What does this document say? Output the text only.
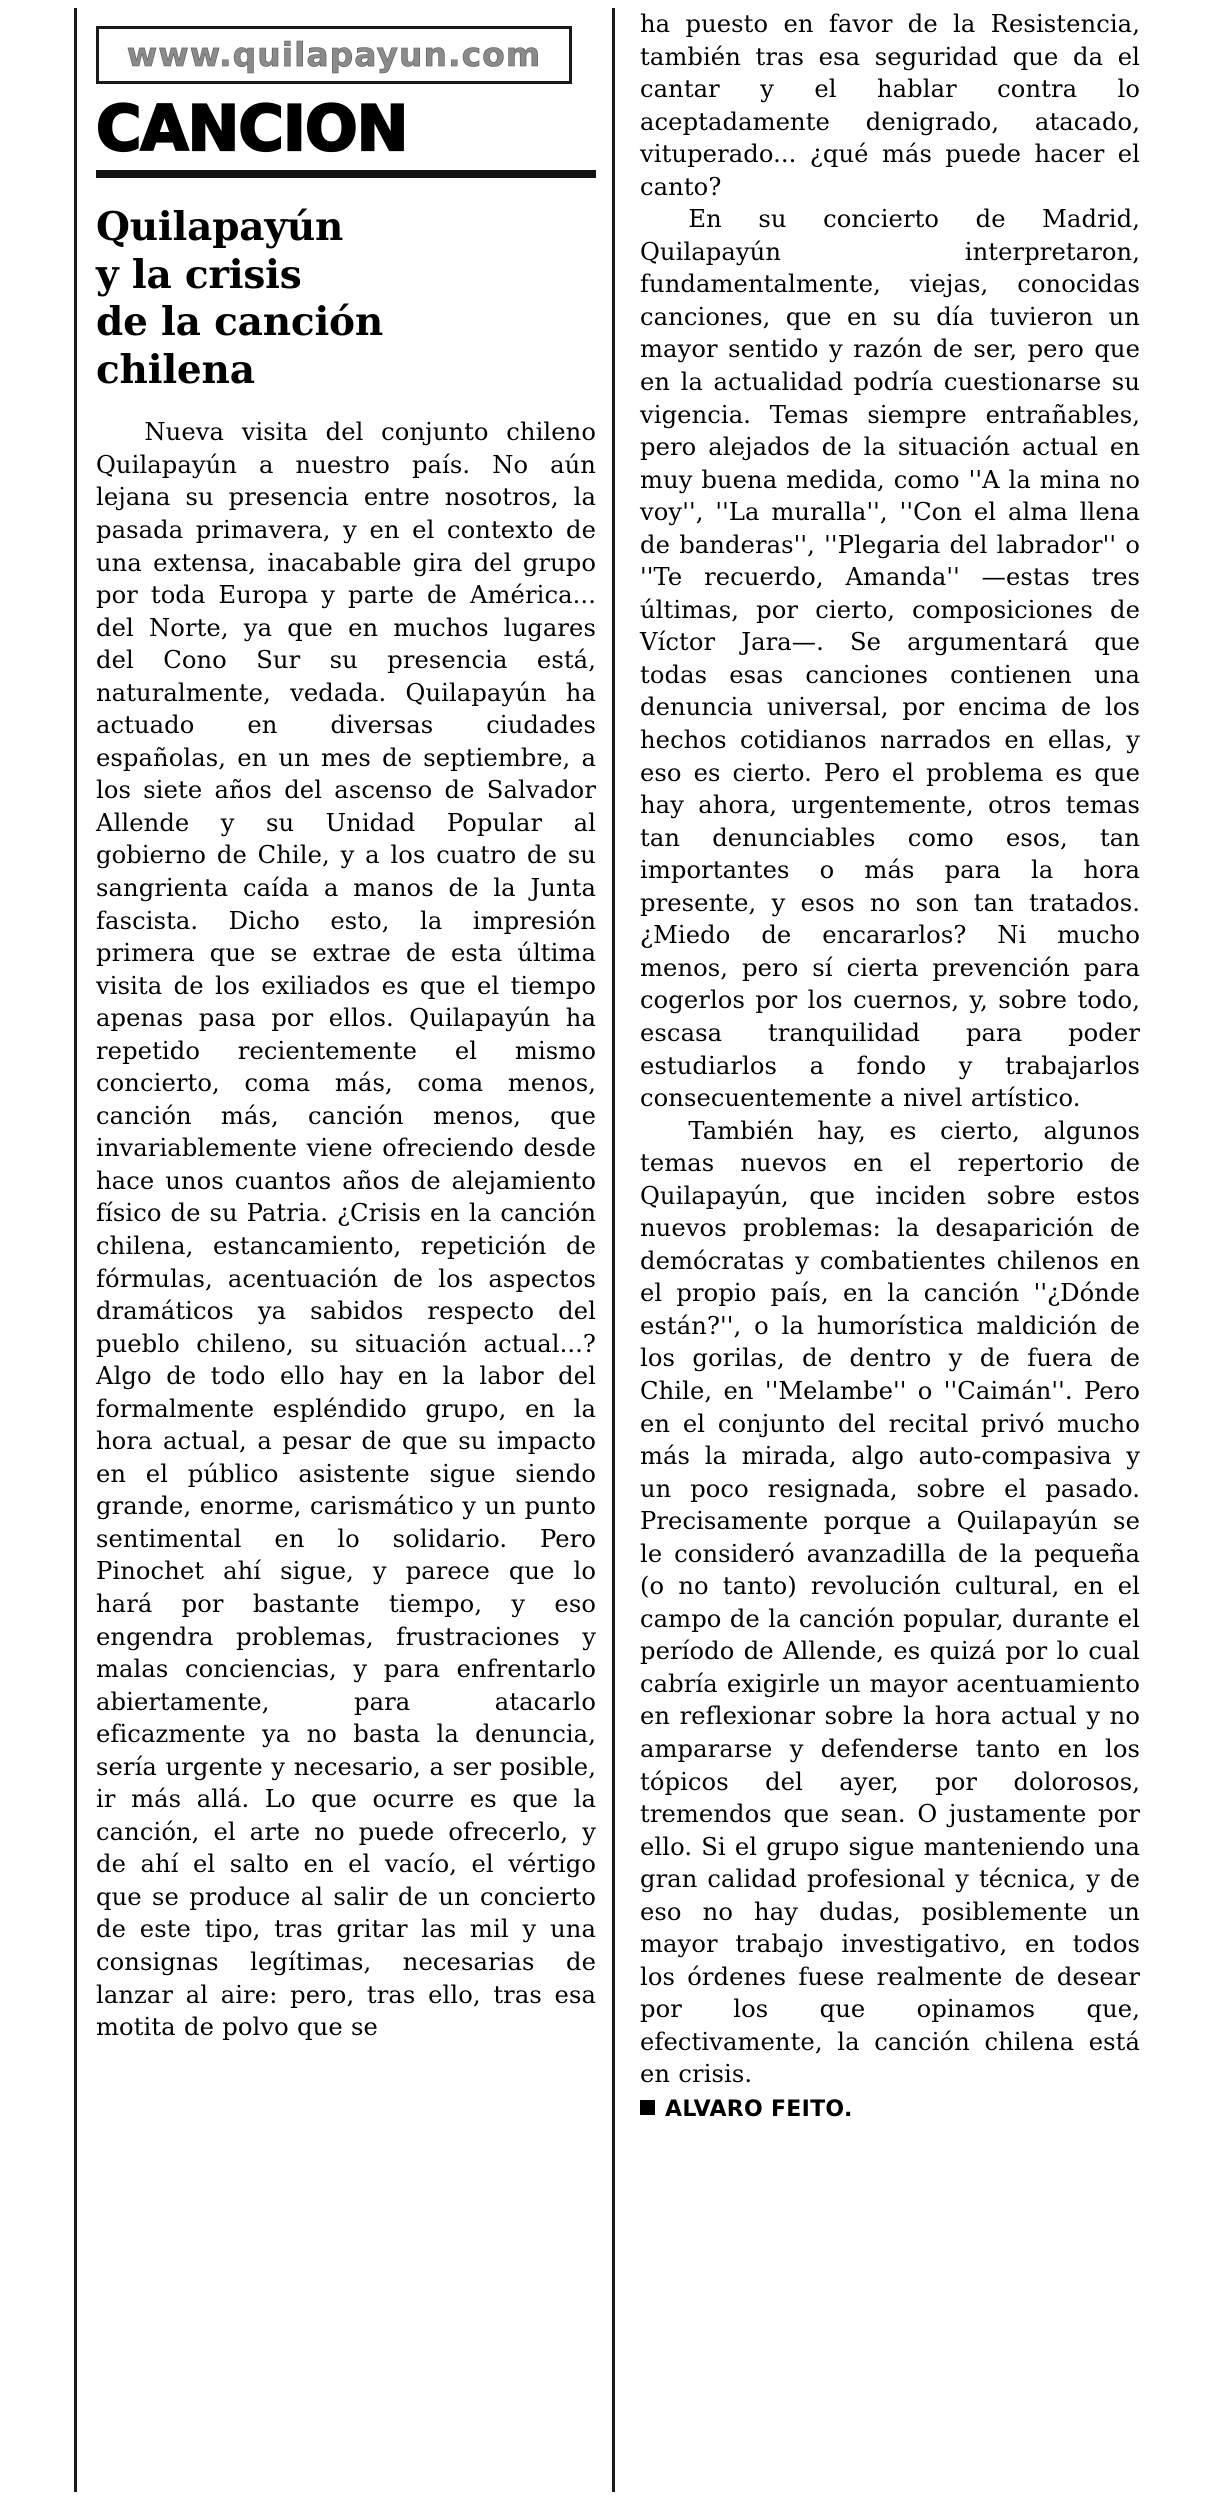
www.quilapayun.com
CANCION
Quilapayún
y la crisis
de la canción
chilena

Nueva visita del conjunto chileno Quilapayún a nuestro país. No aún lejana su presencia entre nosotros, la pasada primavera, y en el contexto de una extensa, inacabable gira del grupo por toda Europa y parte de América... del Norte, ya que en muchos lugares del Cono Sur su presencia está, naturalmente, vedada. Quilapayún ha actuado en diversas ciudades españolas, en un mes de septiembre, a los siete años del ascenso de Salvador Allende y su Unidad Popular al gobierno de Chile, y a los cuatro de su sangrienta caída a manos de la Junta fascista. Dicho esto, la impresión primera que se extrae de esta última visita de los exiliados es que el tiempo apenas pasa por ellos. Quilapayún ha repetido recientemente el mismo concierto, coma más, coma menos, canción más, canción menos, que invariablemente viene ofreciendo desde hace unos cuantos años de alejamiento físico de su Patria. ¿Crisis en la canción chilena, estancamiento, repetición de fórmulas, acentuación de los aspectos dramáticos ya sabidos respecto del pueblo chileno, su situación actual...? Algo de todo ello hay en la labor del formalmente espléndido grupo, en la hora actual, a pesar de que su impacto en el público asistente sigue siendo grande, enorme, carismático y un punto sentimental en lo solidario. Pero Pinochet ahí sigue, y parece que lo hará por bastante tiempo, y eso engendra problemas, frustraciones y malas conciencias, y para enfrentarlo abiertamente, para atacarlo eficazmente ya no basta la denuncia, sería urgente y necesario, a ser posible, ir más allá. Lo que ocurre es que la canción, el arte no puede ofrecerlo, y de ahí el salto en el vacío, el vértigo que se produce al salir de un concierto de este tipo, tras gritar las mil y una consignas legítimas, necesarias de lanzar al aire: pero, tras ello, tras esa motita de polvo que se

ha puesto en favor de la Resistencia, también tras esa seguridad que da el cantar y el hablar contra lo aceptadamente denigrado, atacado, vituperado... ¿qué más puede hacer el canto?

En su concierto de Madrid, Quilapayún interpretaron, fundamentalmente, viejas, conocidas canciones, que en su día tuvieron un mayor sentido y razón de ser, pero que en la actualidad podría cuestionarse su vigencia. Temas siempre entrañables, pero alejados de la situación actual en muy buena medida, como ''A la mina no voy'', ''La muralla'', ''Con el alma llena de banderas'', ''Plegaria del labrador'' o ''Te recuerdo, Amanda'' —estas tres últimas, por cierto, composiciones de Víctor Jara—. Se argumentará que todas esas canciones contienen una denuncia universal, por encima de los hechos cotidianos narrados en ellas, y eso es cierto. Pero el problema es que hay ahora, urgentemente, otros temas tan denunciables como esos, tan importantes o más para la hora presente, y esos no son tan tratados. ¿Miedo de encararlos? Ni mucho menos, pero sí cierta prevención para cogerlos por los cuernos, y, sobre todo, escasa tranquilidad para poder estudiarlos a fondo y trabajarlos consecuentemente a nivel artístico.

También hay, es cierto, algunos temas nuevos en el repertorio de Quilapayún, que inciden sobre estos nuevos problemas: la desaparición de demócratas y combatientes chilenos en el propio país, en la canción ''¿Dónde están?'', o la humorística maldición de los gorilas, de dentro y de fuera de Chile, en ''Melambe'' o ''Caimán''. Pero en el conjunto del recital privó mucho más la mirada, algo auto-compasiva y un poco resignada, sobre el pasado. Precisamente porque a Quilapayún se le consideró avanzadilla de la pequeña (o no tanto) revolución cultural, en el campo de la canción popular, durante el período de Allende, es quizá por lo cual cabría exigirle un mayor acentuamiento en reflexionar sobre la hora actual y no ampararse y defenderse tanto en los tópicos del ayer, por dolorosos, tremendos que sean. O justamente por ello. Si el grupo sigue manteniendo una gran calidad profesional y técnica, y de eso no hay dudas, posiblemente un mayor trabajo investigativo, en todos los órdenes fuese realmente de desear por los que opinamos que, efectivamente, la canción chilena está en crisis.

ALVARO FEITO.
